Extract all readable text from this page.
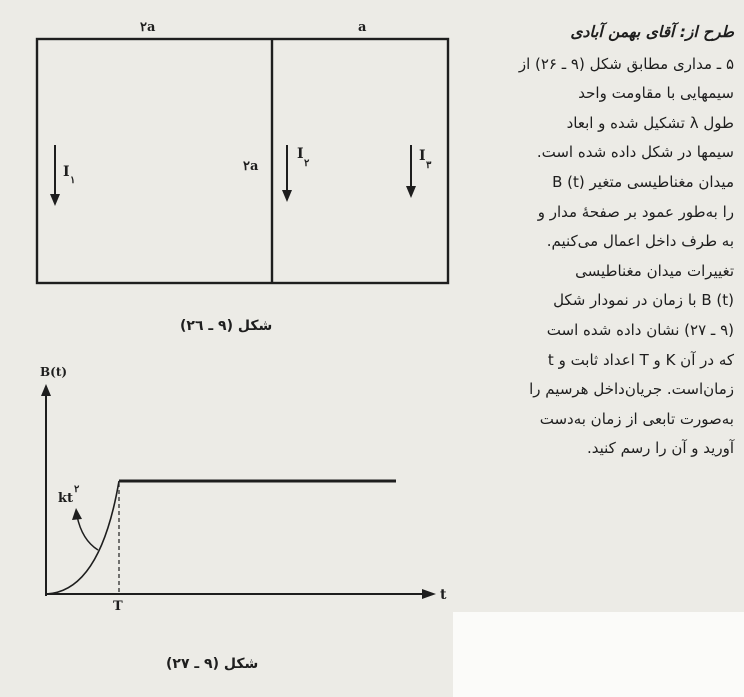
طرح از: آقای بهمن آبادی
۵ ـ مداری مطابق شکل (۹ ـ ۲۶) از
سیمهایی با مقاومت واحد
طول λ تشکیل شده و ابعاد
سیمها در شکل داده شده است.
میدان مغناطیسی متغیر B (t)
را به‌طور عمود بر صفحهٔ مدار و
به طرف داخل اعمال می‌کنیم.
تغییرات میدان مغناطیسی
B (t) با زمان در نمودار شکل
(۹ ـ ۲۷) نشان داده شده است
که در آن K و T اعداد ثابت و t
زمان‌است. جریان‌داخل هرسیم را
به‌صورت تابعی از زمان به‌دست
آورید و آن را رسم کنید.
۲a	a
۲a
I
۱
I
۲	I
۳
شکل (۹ ـ ۲٦)
B(t)
t
T
kt
۲
شکل (۹ ـ ۲۷)
